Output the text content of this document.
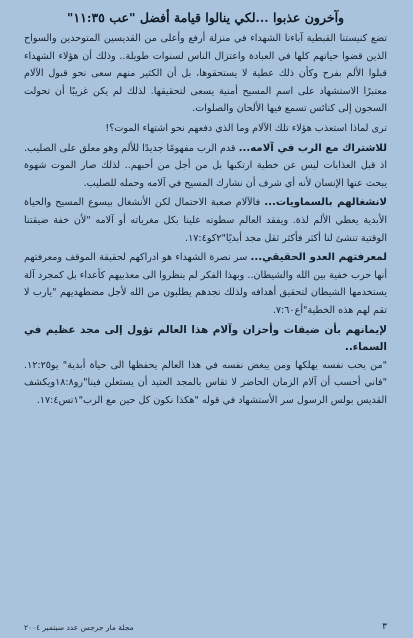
وآخرون عذبوا ...لكي ينالوا قيامة أفضل "عب ١١:٣٥"

تضع كنيستنا القبطية آباءنا الشهداء في منزلة أرفع وأعلى من القديسين المتوحدين والسواح الذين قضوا حياتهم كلها في العبادة واعتزال الناس لسنوات طويلة.. وذلك أن هؤلاء الشهداء قبلوا الألم بفرح وكأن ذلك عطية لا يستحقوها، بل أن الكثير منهم سعى نحو قبول الآلام معتبرًا الاستشهاد على اسم المسيح أمنية يسعى لتحقيقها. لذلك لم يكن غريبًا أن تحولت السجون إلى كنائس تسمع فيها الألحان والصلوات.

ترى لماذا استعذب هؤلاء تلك الآلام وما الذي دفعهم نحو اشتهاء الموت؟!

للاشتراك مع الرب في آلامه... قدم الرب مفهومًا جديدًا للألم وهو معلق على الصليب. اذ قبل العذابات ليس عن خطية ارتكبها بل من أجل من أحبهم.. لذلك صار الموت شهوة يبحث عنها الإنسان لأنه أي شرف أن نشارك المسيح في آلامه وحمله للصليب.

لانشغالهم بالسماويات... فالآلام صعبة الاحتمال لكن الأنشغال بيسوع المسيح والحياة الأبدية يعطي الألم لذة. ويفقد العالم سطوته علينا بكل مغرياته أو آلامه "لأن خفة ضيقتنا الوقتية تنشئ لنا أكثر فأكثر ثقل مجد أبديًا"٢كو١٧:٤.

لمعرفتهم العدو الحقيقي... سر نصرة الشهداء هو ادراكهم لحقيقة الموقف ومعرفتهم أنها حرب خفية بين الله والشيطان.. وبهذا الفكر لم ينظروا الى معذبيهم كأعداء بل كمجرد آلة يستخدمها الشيطان لتحقيق أهدافه ولذلك نجدهم يطلبون من الله لأجل مضطهديهم "يارب لا تقم لهم هذه الخطية"أع٧:٦٠.

لإيمانهم بأن ضيقات وأحزان وآلام هذا العالم تؤول إلى مجد عظيم في السماء..

"من يحب نفسه يهلكها ومن يبغض نفسه في هذا العالم يحفظها الى حياة أبدية" يو١٢:٢٥. "فاني أحسب أن آلام الزمان الحاضر لا تقاس بالمجد العتيد أن يستعلن فينا"رو١٨:٨ويكشف القديس بولس الرسول سر الأستشهاد في قوله "هكذا نكون كل حين مع الرب"١تس١٧:٤.

٣
مجلة مار جرجس عدد سبتمبر ٢٠٠٤
